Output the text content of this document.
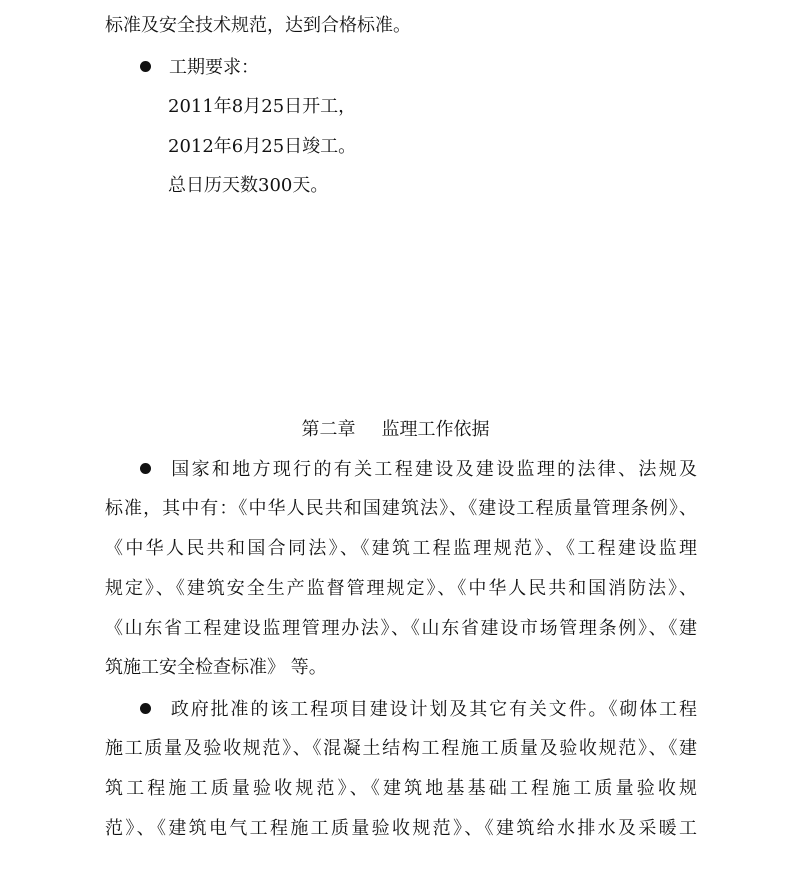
标准及安全技术规范，达到合格标准。
工期要求：
2011年8月25日开工，
2012年6月25日竣工。
总日历天数300天。
第二章 监理工作依据
国家和地方现行的有关工程建设及建设监理的法律、法规及
标准，其中有：《中华人民共和国建筑法》、《建设工程质量管理条例》、
《中华人民共和国合同法》、《建筑工程监理规范》、《工程建设监理
规定》、《建筑安全生产监督管理规定》、《中华人民共和国消防法》、
《山东省工程建设监理管理办法》、《山东省建设市场管理条例》、《建
筑施工安全检查标准》 等。
政府批准的该工程项目建设计划及其它有关文件。《砌体工程
施工质量及验收规范》、《混凝土结构工程施工质量及验收规范》、《建
筑工程施工质量验收规范》、《建筑地基基础工程施工质量验收规
范》、《建筑电气工程施工质量验收规范》、《建筑给水排水及采暖工
